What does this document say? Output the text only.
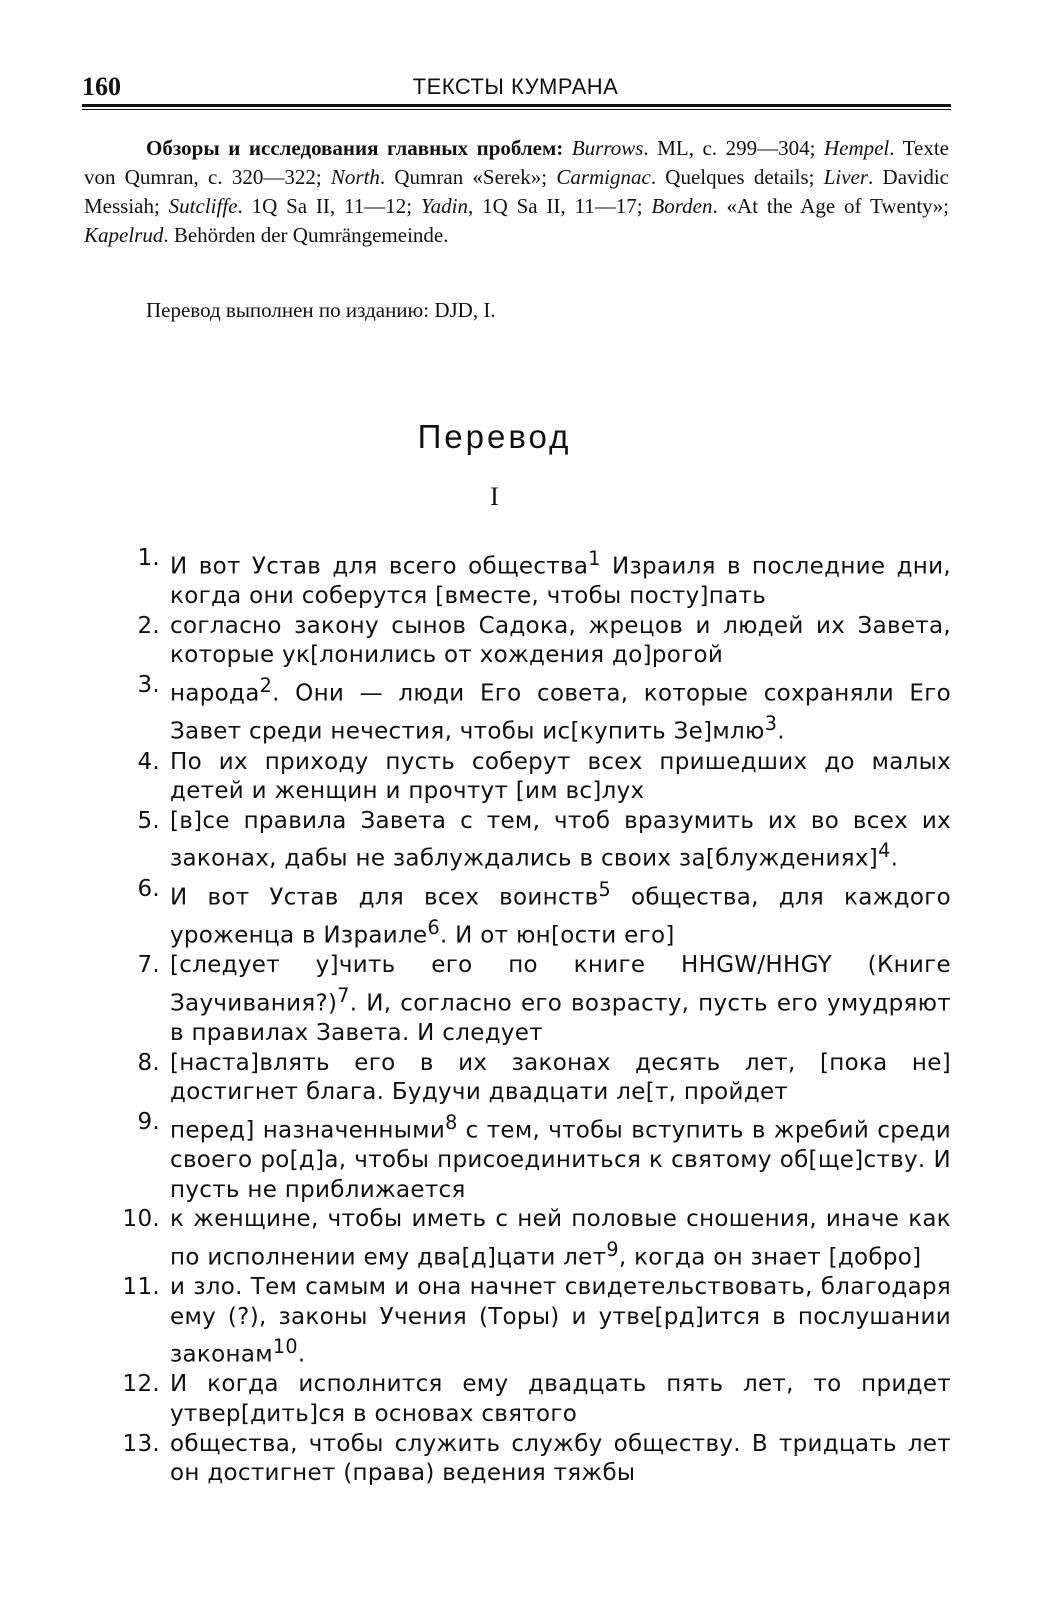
160	ТЕКСТЫ КУМРАНА
Обзоры и исследования главных проблем: Burrows. ML, с. 299—304; Hempel. Texte von Qumran, с. 320—322; North. Qumran «Serek»; Carmignac. Quelques details; Liver. Davidic Messiah; Sutcliffe. 1Q Sa II, 11—12; Yadin, 1Q Sa II, 11—17; Borden. «At the Age of Twenty»; Kapelrud. Behörden der Qumrängemeinde.
Перевод выполнен по изданию: DJD, I.
Перевод
I
1. И вот Устав для всего общества$^1$ Израиля в последние дни, когда они соберутся [вместе, чтобы посту]пать
2. согласно закону сынов Садока, жрецов и людей их Завета, которые ук[лонились от хождения до]рогой
3. народа$^2$. Они — люди Его совета, которые сохраняли Его Завет среди нечестия, чтобы ис[купить Зе]млю$^3$.
4. По их приходу пусть соберут всех пришедших до малых детей и женщин и прочтут [им вс]лух
5. [в]се правила Завета с тем, чтоб вразумить их во всех их законах, дабы не заблуждались в своих за[блуждениях]$^4$.
6. И вот Устав для всех воинств$^5$ общества, для каждого уроженца в Израиле$^6$. И от юн[ости его]
7. [следует у]чить его по книге HHGW/HHGY (Книге Заучивания?)$^7$. И, согласно его возрасту, пусть его умудряют в правилах Завета. И следует
8. [наста]влять его в их законах десять лет, [пока не] достигнет блага. Будучи двадцати ле[т, пройдет
9. перед] назначенными$^8$ с тем, чтобы вступить в жребий среди своего ро[д]а, чтобы присоединиться к святому об[ще]ству. И пусть не приближается
10. к женщине, чтобы иметь с ней половые сношения, иначе как по исполнении ему два[д]цати лет$^9$, когда он знает [добро]
11. и зло. Тем самым и она начнет свидетельствовать, благодаря ему (?), законы Учения (Торы) и утве[рд]ится в послушании законам$^{10}$.
12. И когда исполнится ему двадцать пять лет, то придет утвер[дить]ся в основах святого
13. общества, чтобы служить службу обществу. В тридцать лет он достигнет (права) ведения тяжбы
